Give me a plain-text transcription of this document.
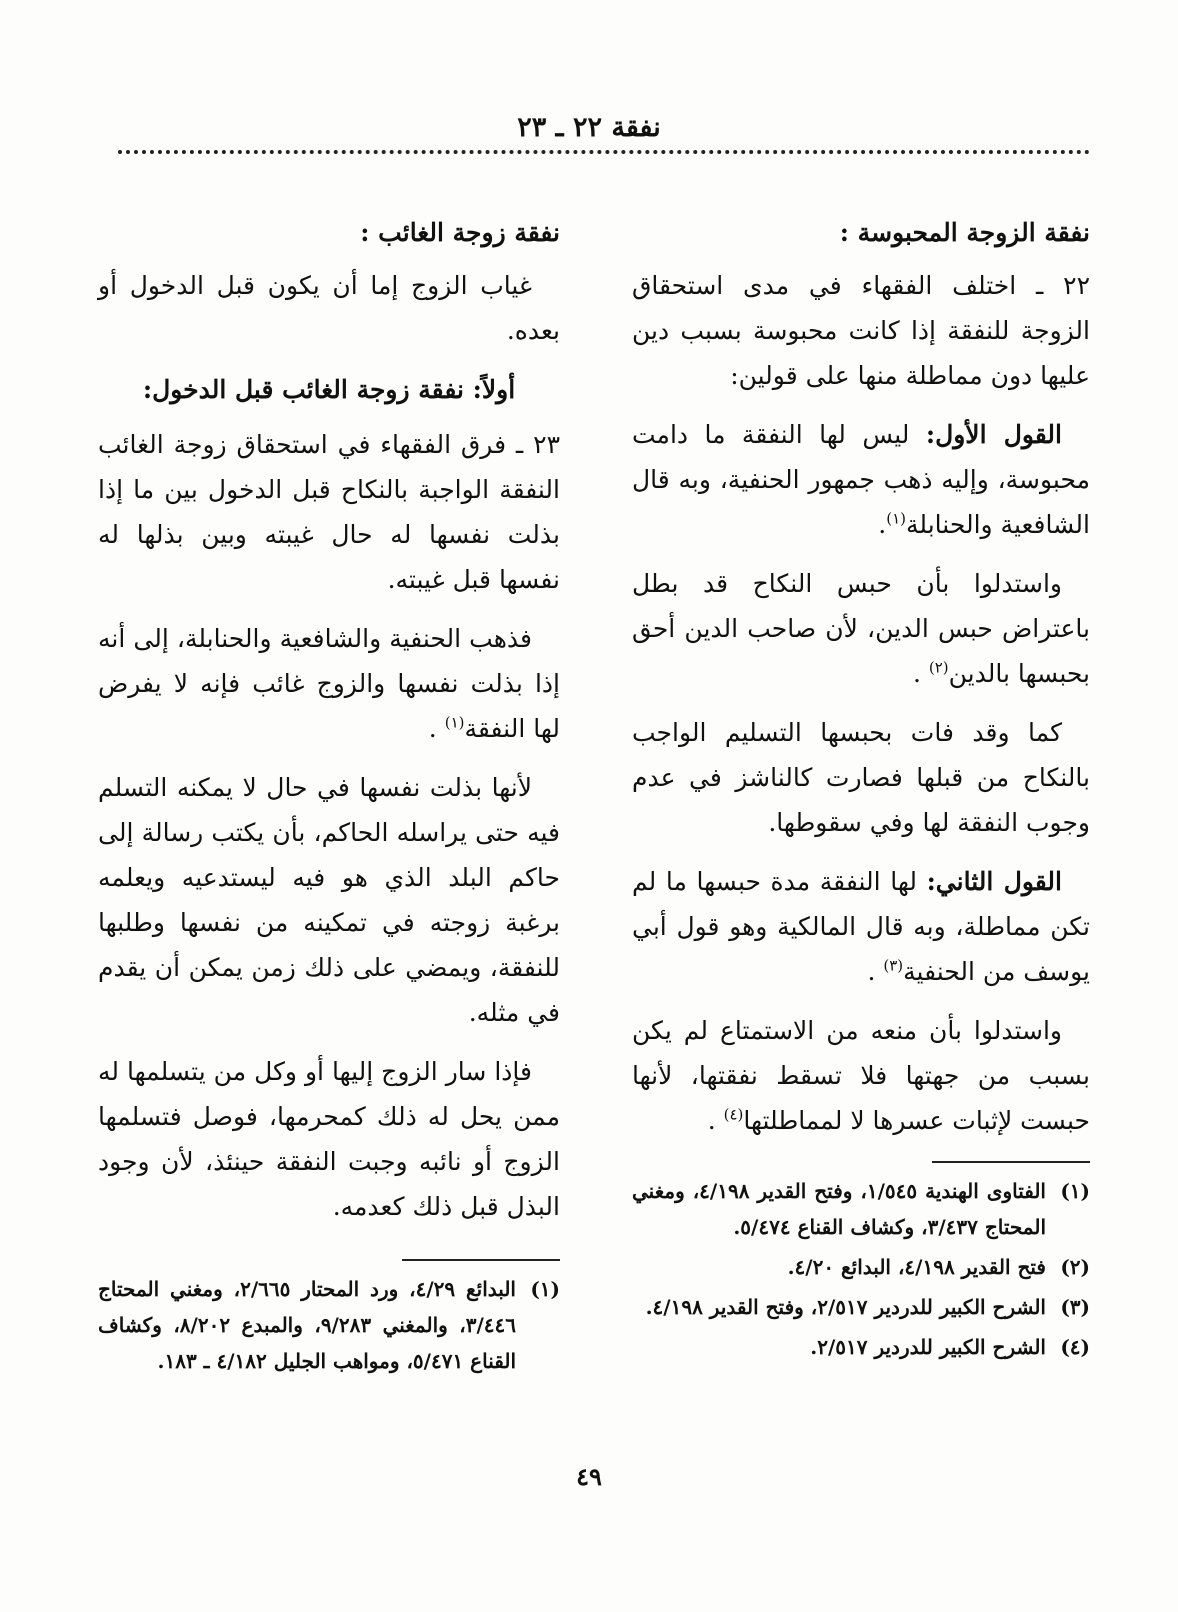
نفقة ٢٢ ـ ٢٣
نفقة الزوجة المحبوسة :

٢٢ ـ اختلف الفقهاء في مدى استحقاق الزوجة للنفقة إذا كانت محبوسة بسبب دين عليها دون مماطلة منها على قولين:

القول الأول: ليس لها النفقة ما دامت محبوسة، وإليه ذهب جمهور الحنفية، وبه قال الشافعية والحنابلة$^{(١)}$.

واستدلوا بأن حبس النكاح قد بطل باعتراض حبس الدين، لأن صاحب الدين أحق بحبسها بالدين$^{(٢)}$ .

كما وقد فات بحبسها التسليم الواجب بالنكاح من قبلها فصارت كالناشز في عدم وجوب النفقة لها وفي سقوطها.

القول الثاني: لها النفقة مدة حبسها ما لم تكن مماطلة، وبه قال المالكية وهو قول أبي يوسف من الحنفية$^{(٣)}$ .

واستدلوا بأن منعه من الاستمتاع لم يكن بسبب من جهتها فلا تسقط نفقتها، لأنها حبست لإثبات عسرها لا لمماطلتها$^{(٤)}$ .

(١)الفتاوى الهندية ١/٥٤٥، وفتح القدير ٤/١٩٨، ومغني المحتاج ٣/٤٣٧، وكشاف القناع ٥/٤٧٤.
(٢)فتح القدير ٤/١٩٨، البدائع ٤/٢٠.
(٣)الشرح الكبير للدردير ٢/٥١٧، وفتح القدير ٤/١٩٨.
(٤)الشرح الكبير للدردير ٢/٥١٧.
نفقة زوجة الغائب :

غياب الزوج إما أن يكون قبل الدخول أو بعده.

أولاً: نفقة زوجة الغائب قبل الدخول:

٢٣ ـ فرق الفقهاء في استحقاق زوجة الغائب النفقة الواجبة بالنكاح قبل الدخول بين ما إذا بذلت نفسها له حال غيبته وبين بذلها له نفسها قبل غيبته.

فذهب الحنفية والشافعية والحنابلة، إلى أنه إذا بذلت نفسها والزوج غائب فإنه لا يفرض لها النفقة$^{(١)}$ .

لأنها بذلت نفسها في حال لا يمكنه التسلم فيه حتى يراسله الحاكم، بأن يكتب رسالة إلى حاكم البلد الذي هو فيه ليستدعيه ويعلمه برغبة زوجته في تمكينه من نفسها وطلبها للنفقة، ويمضي على ذلك زمن يمكن أن يقدم في مثله.

فإذا سار الزوج إليها أو وكل من يتسلمها له ممن يحل له ذلك كمحرمها، فوصل فتسلمها الزوج أو نائبه وجبت النفقة حينئذ، لأن وجود البذل قبل ذلك كعدمه.

(١)البدائع ٤/٢٩، ورد المحتار ٢/٦٦٥، ومغني المحتاج ٣/٤٤٦، والمغني ٩/٢٨٣، والمبدع ٨/٢٠٢، وكشاف القناع ٥/٤٧١، ومواهب الجليل ٤/١٨٢ ـ ١٨٣.
٤٩
